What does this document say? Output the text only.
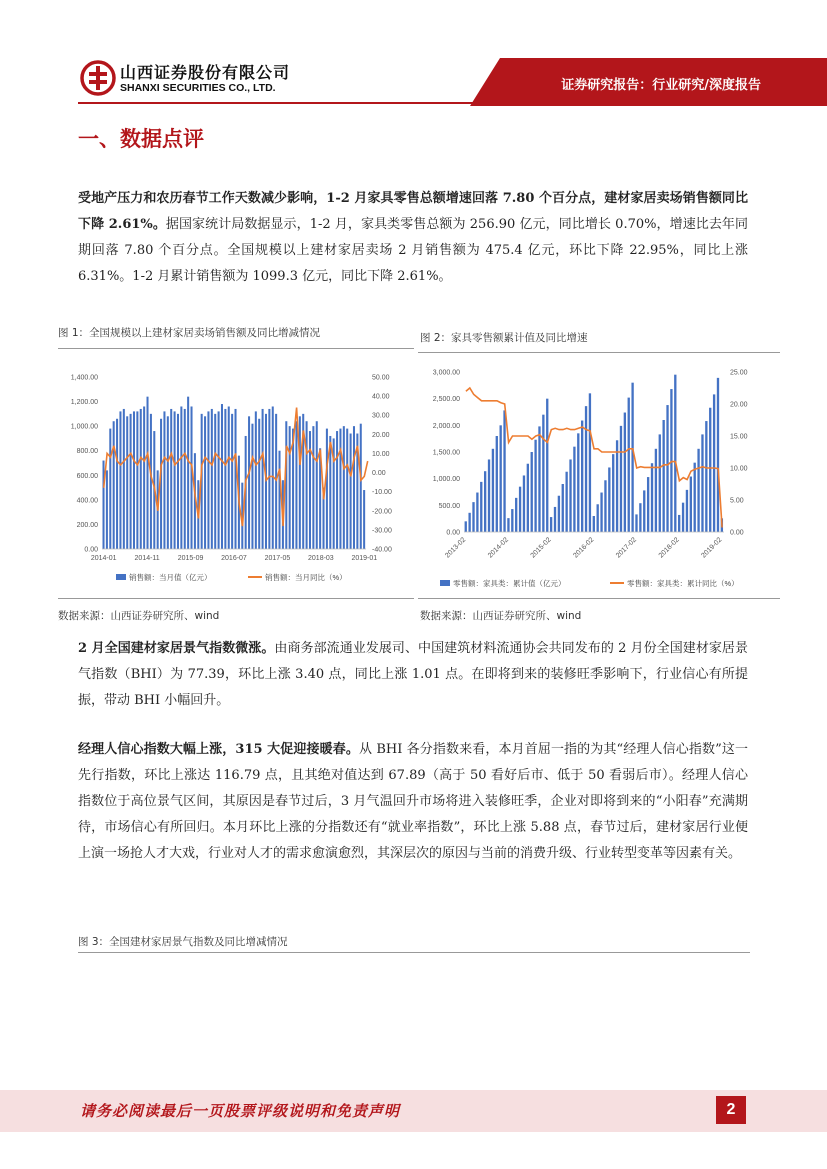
山西证券股份有限公司
SHANXI SECURITIES CO., LTD.	证券研究报告：行业研究/深度报告
一、数据点评
受地产压力和农历春节工作天数减少影响，1-2 月家具零售总额增速回落 7.80 个百分点，建材家居卖场销售额同比下降 2.61%。据国家统计局数据显示，1-2 月，家具类零售总额为 256.90 亿元，同比增长 0.70%，增速比去年同期回落 7.80 个百分点。全国规模以上建材家居卖场 2 月销售额为 475.4 亿元，环比下降 22.95%，同比上涨 6.31%。1-2 月累计销售额为 1099.3 亿元，同比下降 2.61%。
图 1：全国规模以上建材家居卖场销售额及同比增减情况	图 2：家具零售额累计值及同比增速
0.00
200.00
400.00
600.00
800.00
1,000.00
1,200.00
1,400.00
-40.00
-30.00
-20.00
-10.00
0.00
10.00
20.00
30.00
40.00
50.00
2014-01	2014-11	2015-09	2016-07	2017-05	2018-03	2019-01
销售额：当月值（亿元）	销售额：当月同比（%）
0.00
500.00
1,000.00
1,500.00
2,000.00
2,500.00
3,000.00
0.00
5.00
10.00
15.00
20.00
25.00
2013-02	2014-02	2015-02	2016-02	2017-02	2018-02	2019-02
零售额：家具类：累计值（亿元）	零售额：家具类：累计同比（%）
数据来源：山西证券研究所、wind	数据来源：山西证券研究所、wind
2 月全国建材家居景气指数微涨。由商务部流通业发展司、中国建筑材料流通协会共同发布的 2 月份全国建材家居景气指数（BHI）为 77.39，环比上涨 3.40 点，同比上涨 1.01 点。在即将到来的装修旺季影响下，行业信心有所提振，带动 BHI 小幅回升。
经理人信心指数大幅上涨，315 大促迎接暖春。从 BHI 各分指数来看，本月首屈一指的为其“经理人信心指数”这一先行指数，环比上涨达 116.79 点，且其绝对值达到 67.89（高于 50 看好后市、低于 50 看弱后市）。经理人信心指数位于高位景气区间，其原因是春节过后，3 月气温回升市场将进入装修旺季，企业对即将到来的“小阳春”充满期待，市场信心有所回归。本月环比上涨的分指数还有“就业率指数”，环比上涨 5.88 点，春节过后，建材家居行业便上演一场抢人才大戏，行业对人才的需求愈演愈烈，其深层次的原因与当前的消费升级、行业转型变革等因素有关。
图 3：全国建材家居景气指数及同比增减情况
请务必阅读最后一页股票评级说明和免责声明	2
